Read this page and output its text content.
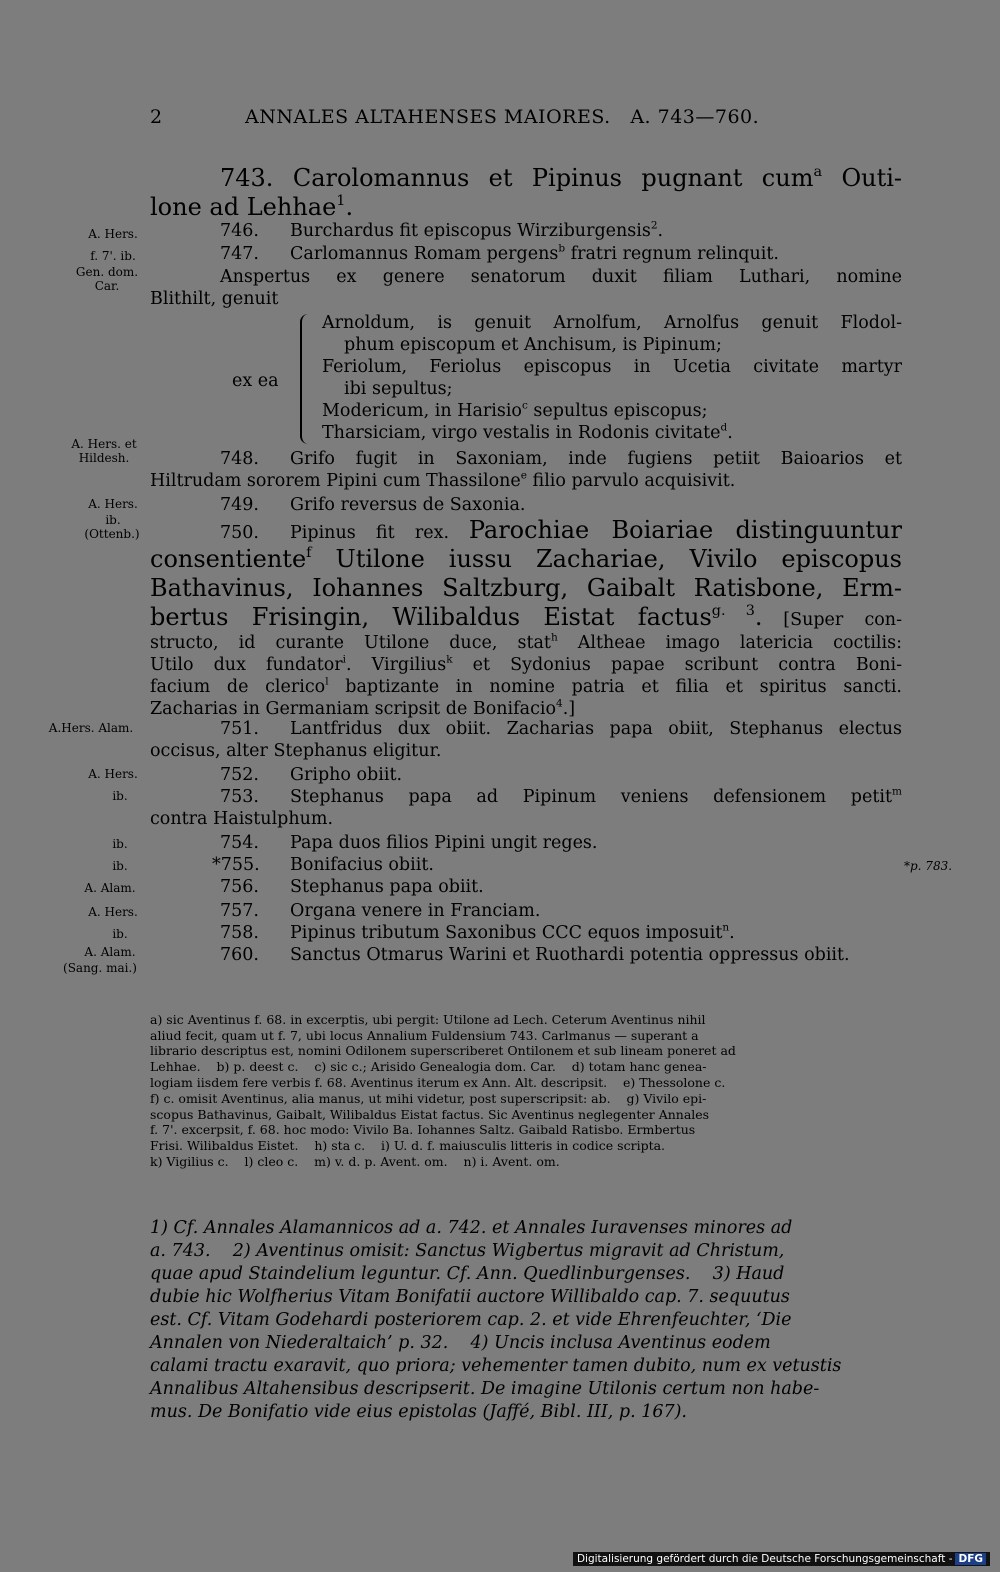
2	ANNALES ALTAHENSES MAIORES.   A. 743—760.
A. Hers.
f. 7'. ib.
Gen. dom.
Car.
A. Hers. et
Hildesh.
A. Hers.
ib.
(Ottenb.)
A.Hers. Alam.
A. Hers.
ib.
ib.
ib.
A. Alam.
A. Hers.
ib.
A. Alam.
(Sang. mai.)
*p. 783.
743. Carolomannus et Pipinus pugnant cum$^a$ Outi-
lone ad Lehhae$^1$.
746. Burchardus fit episcopus Wirziburgensis$^2$.
747. Carlomannus Romam pergens$^b$ fratri regnum relinquit.
Anspertus ex genere senatorum duxit filiam Luthari, nomine
Blithilt, genuit
ex ea
Arnoldum, is genuit Arnolfum, Arnolfus genuit Flodol-
phum episcopum et Anchisum, is Pipinum;
Feriolum, Feriolus episcopus in Ucetia civitate martyr
ibi sepultus;
Modericum, in Harisio$^c$ sepultus episcopus;
Tharsiciam, virgo vestalis in Rodonis civitate$^d$.
748. Grifo fugit in Saxoniam, inde fugiens petiit Baioarios et
Hiltrudam sororem Pipini cum Thassilone$^e$ filio parvulo acquisivit.
749. Grifo reversus de Saxonia.
750. Pipinus fit rex. Parochiae Boiariae distinguuntur
consentiente$^f$ Utilone iussu Zachariae, Vivilo episcopus
Bathavinus, Iohannes Saltzburg, Gaibalt Ratisbone, Erm-
bertus Frisingin, Wilibaldus Eistat factus$^{g. 3}$. [Super con-
structo, id curante Utilone duce, stat$^h$ Altheae imago latericia coctilis:
Utilo dux fundator$^i$. Virgilius$^k$ et Sydonius papae scribunt contra Boni-
facium de clerico$^l$ baptizante in nomine patria et filia et spiritus sancti.
Zacharias in Germaniam scripsit de Bonifacio$^4$.]
751. Lantfridus dux obiit. Zacharias papa obiit, Stephanus electus
occisus, alter Stephanus eligitur.
752. Gripho obiit.
753. Stephanus papa ad Pipinum veniens defensionem petit$^m$
contra Haistulphum.
754. Papa duos filios Pipini ungit reges.
*755. Bonifacius obiit.
756. Stephanus papa obiit.
757. Organa venere in Franciam.
758. Pipinus tributum Saxonibus CCC equos imposuit$^n$.
760. Sanctus Otmarus Warini et Ruothardi potentia oppressus obiit.

a) sic Aventinus f. 68. in excerptis, ubi pergit: Utilone ad Lech. Ceterum Aventinus nihil
aliud fecit, quam ut f. 7, ubi locus Annalium Fuldensium 743. Carlmanus — superant a
librario descriptus est, nomini Odilonem superscriberet Ontilonem et sub lineam poneret ad
Lehhae.    b) p. deest c.    c) sic c.; Arisido Genealogia dom. Car.    d) totam hanc genea-
logiam iisdem fere verbis f. 68. Aventinus iterum ex Ann. Alt. descripsit.    e) Thessolone c.
f) c. omisit Aventinus, alia manus, ut mihi videtur, post superscripsit: ab.    g) Vivilo epi-
scopus Bathavinus, Gaibalt, Wilibaldus Eistat factus. Sic Aventinus neglegenter Annales
f. 7'. excerpsit, f. 68. hoc modo: Vivilo Ba. Iohannes Saltz. Gaibald Ratisbo. Ermbertus
Frisi. Wilibaldus Eistet.    h) sta c.    i) U. d. f. maiusculis litteris in codice scripta.
k) Vigilius c.    l) cleo c.    m) v. d. p. Avent. om.    n) i. Avent. om.

1) Cf. Annales Alamannicos ad a. 742. et Annales Iuravenses minores ad
a. 743.    2) Aventinus omisit: Sanctus Wigbertus migravit ad Christum,
quae apud Staindelium leguntur. Cf. Ann. Quedlinburgenses.    3) Haud
dubie hic Wolfherius Vitam Bonifatii auctore Willibaldo cap. 7. sequutus
est. Cf. Vitam Godehardi posteriorem cap. 2. et vide Ehrenfeuchter, ‘Die
Annalen von Niederaltaich’ p. 32.    4) Uncis inclusa Aventinus eodem
calami tractu exaravit, quo priora; vehementer tamen dubito, num ex vetustis
Annalibus Altahensibus descripserit. De imagine Utilonis certum non habe-
mus. De Bonifatio vide eius epistolas (Jaffé, Bibl. III, p. 167).

Digitalisierung gefördert durch die Deutsche Forschungsgemeinschaft - DFG
